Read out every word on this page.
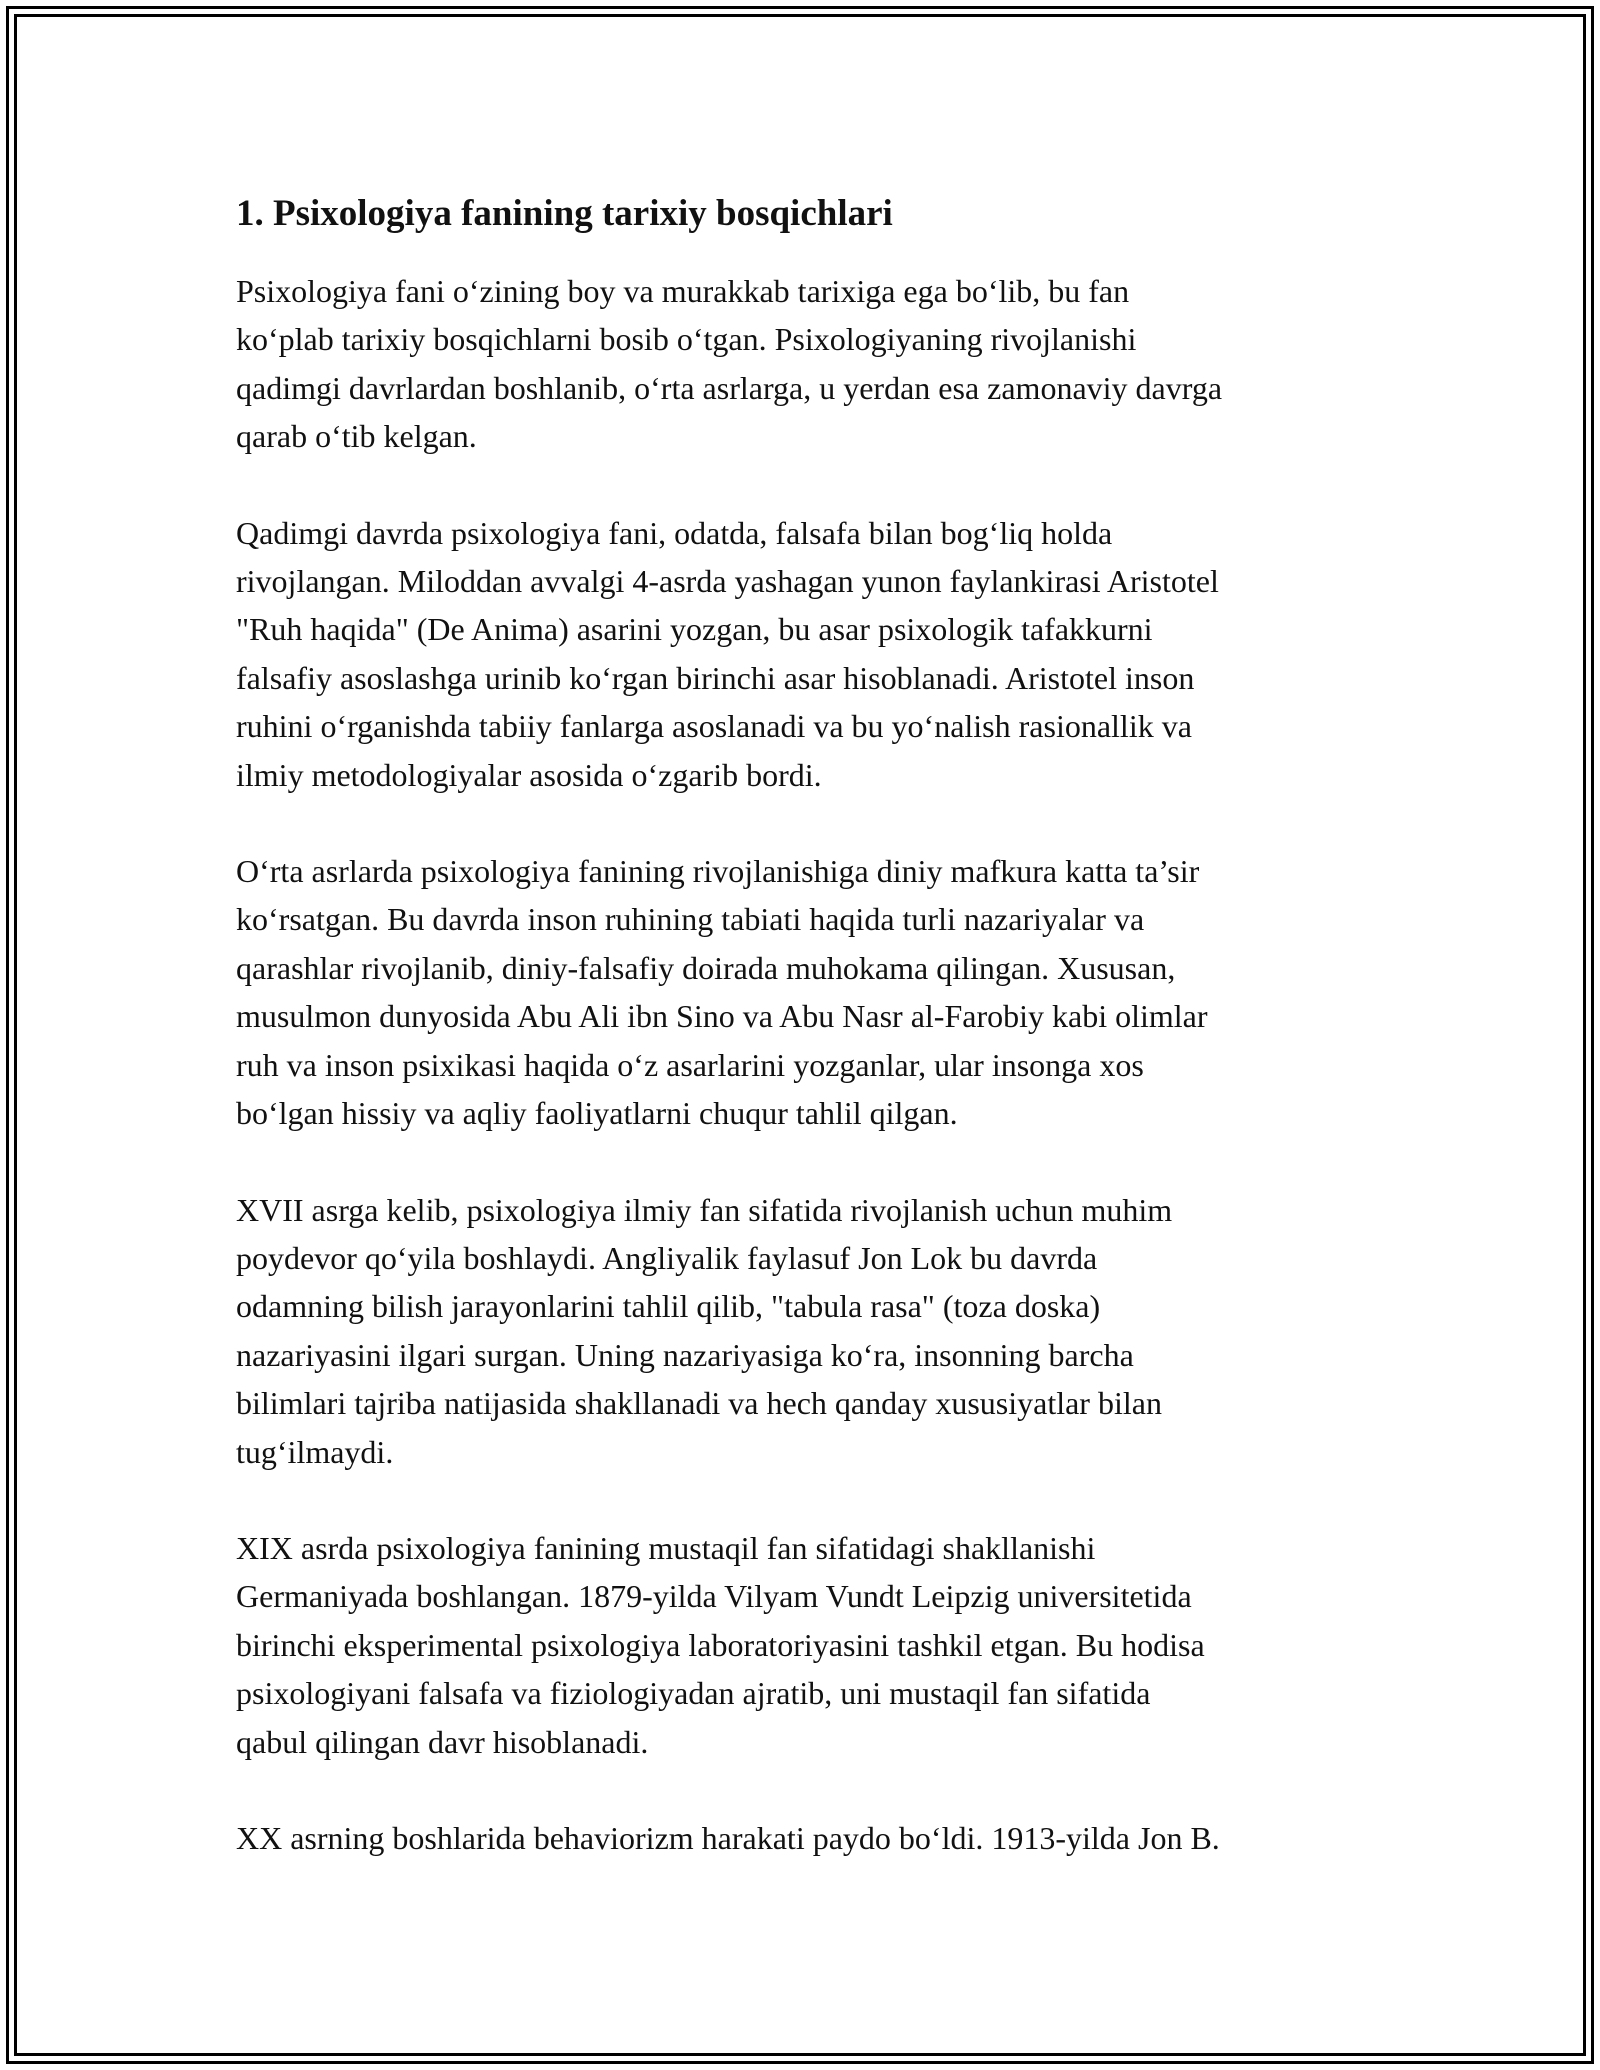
1. Psixologiya fanining tarixiy bosqichlari

Psixologiya fani o‘zining boy va murakkab tarixiga ega bo‘lib, bu fan
ko‘plab tarixiy bosqichlarni bosib o‘tgan. Psixologiyaning rivojlanishi
qadimgi davrlardan boshlanib, o‘rta asrlarga, u yerdan esa zamonaviy davrga
qarab o‘tib kelgan.

Qadimgi davrda psixologiya fani, odatda, falsafa bilan bog‘liq holda
rivojlangan. Miloddan avvalgi 4-asrda yashagan yunon faylankirasi Aristotel
"Ruh haqida" (De Anima) asarini yozgan, bu asar psixologik tafakkurni
falsafiy asoslashga urinib ko‘rgan birinchi asar hisoblanadi. Aristotel inson
ruhini o‘rganishda tabiiy fanlarga asoslanadi va bu yo‘nalish rasionallik va
ilmiy metodologiyalar asosida o‘zgarib bordi.

O‘rta asrlarda psixologiya fanining rivojlanishiga diniy mafkura katta ta’sir
ko‘rsatgan. Bu davrda inson ruhining tabiati haqida turli nazariyalar va
qarashlar rivojlanib, diniy-falsafiy doirada muhokama qilingan. Xususan,
musulmon dunyosida Abu Ali ibn Sino va Abu Nasr al-Farobiy kabi olimlar
ruh va inson psixikasi haqida o‘z asarlarini yozganlar, ular insonga xos
bo‘lgan hissiy va aqliy faoliyatlarni chuqur tahlil qilgan.

XVII asrga kelib, psixologiya ilmiy fan sifatida rivojlanish uchun muhim
poydevor qo‘yila boshlaydi. Angliyalik faylasuf Jon Lok bu davrda
odamning bilish jarayonlarini tahlil qilib, "tabula rasa" (toza doska)
nazariyasini ilgari surgan. Uning nazariyasiga ko‘ra, insonning barcha
bilimlari tajriba natijasida shakllanadi va hech qanday xususiyatlar bilan
tug‘ilmaydi.

XIX asrda psixologiya fanining mustaqil fan sifatidagi shakllanishi
Germaniyada boshlangan. 1879-yilda Vilyam Vundt Leipzig universitetida
birinchi eksperimental psixologiya laboratoriyasini tashkil etgan. Bu hodisa
psixologiyani falsafa va fiziologiyadan ajratib, uni mustaqil fan sifatida
qabul qilingan davr hisoblanadi.

XX asrning boshlarida behaviorizm harakati paydo bo‘ldi. 1913-yilda Jon B.
